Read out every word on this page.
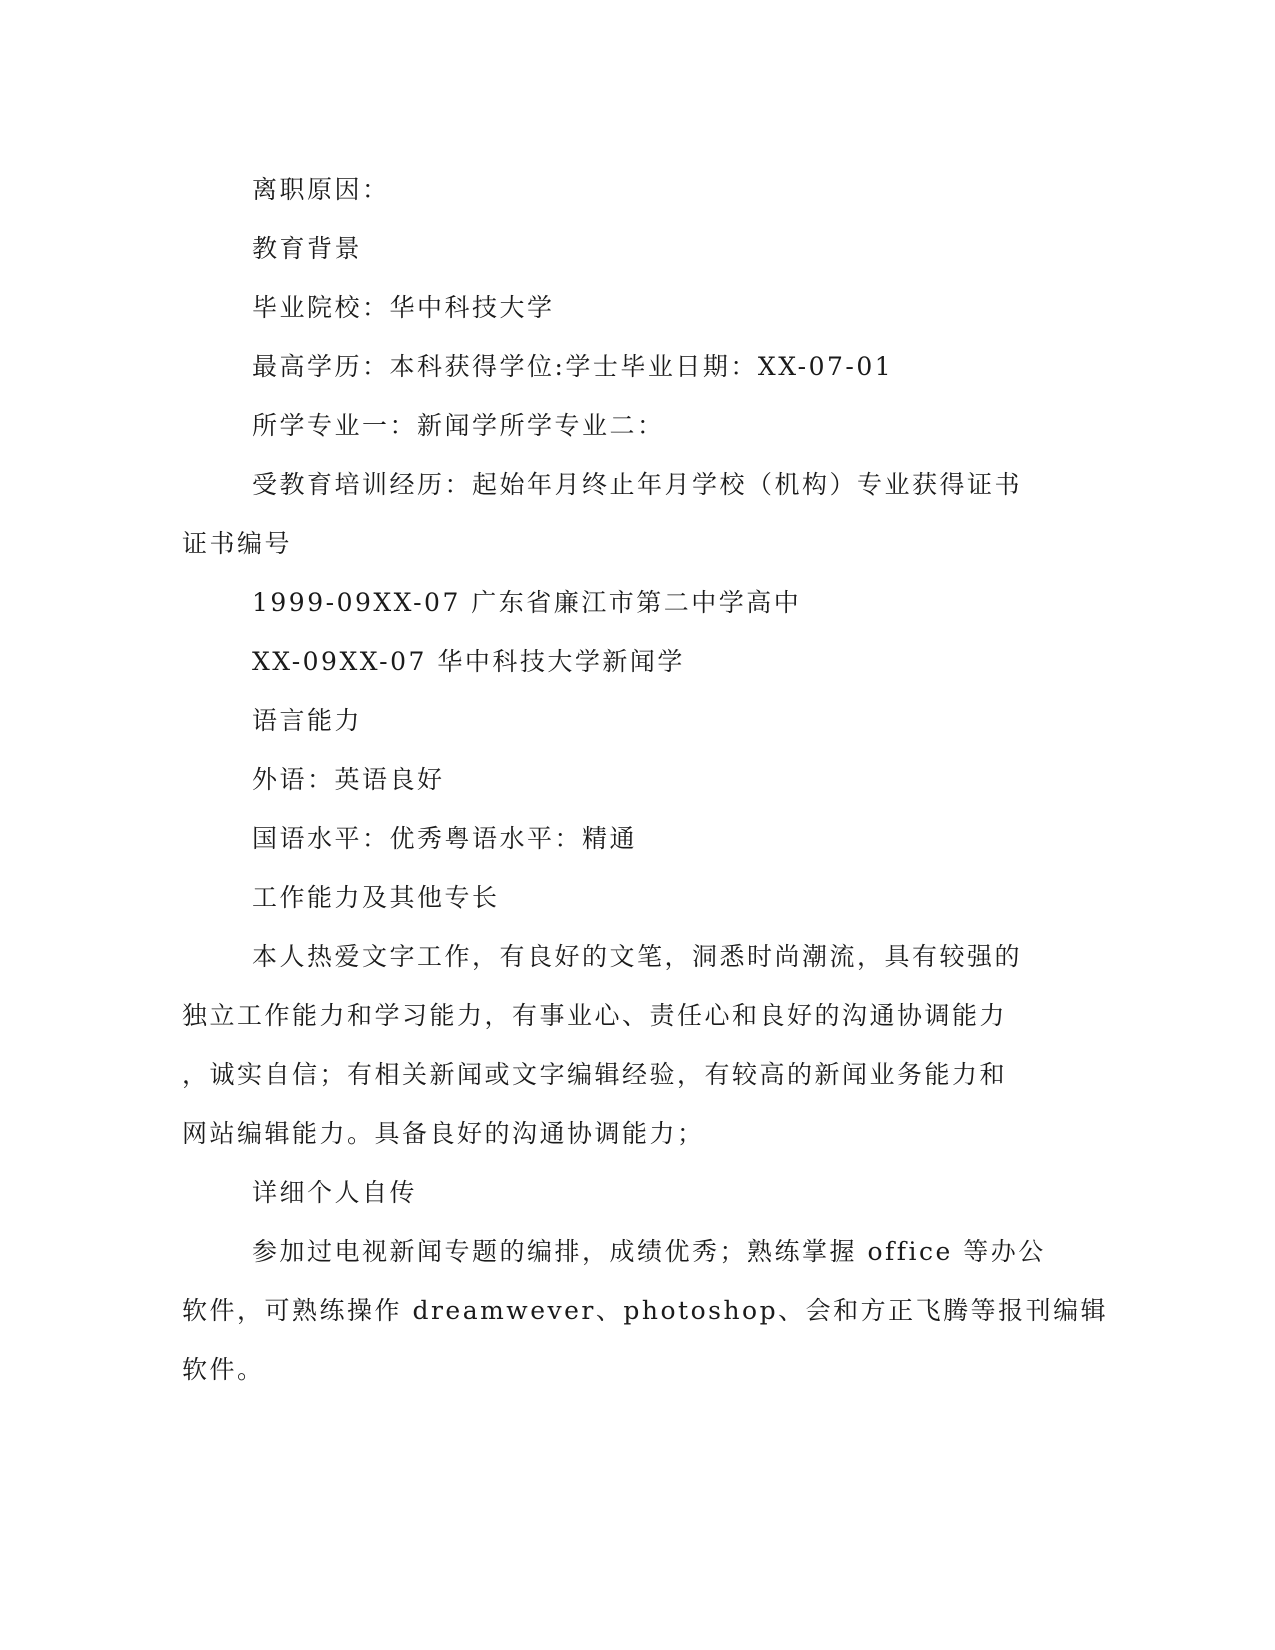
离职原因：

教育背景

毕业院校：华中科技大学

最高学历：本科获得学位:学士毕业日期：XX-07-01

所学专业一：新闻学所学专业二：

受教育培训经历：起始年月终止年月学校（机构）专业获得证书

证书编号

1999-09XX-07 广东省廉江市第二中学高中

XX-09XX-07 华中科技大学新闻学

语言能力

外语：英语良好

国语水平：优秀粤语水平：精通

工作能力及其他专长

本人热爱文字工作，有良好的文笔，洞悉时尚潮流，具有较强的

独立工作能力和学习能力，有事业心、责任心和良好的沟通协调能力

，诚实自信；有相关新闻或文字编辑经验，有较高的新闻业务能力和

网站编辑能力。具备良好的沟通协调能力；

详细个人自传

参加过电视新闻专题的编排，成绩优秀；熟练掌握 office 等办公

软件，可熟练操作 dreamwever、photoshop、会和方正飞腾等报刊编辑

软件。
